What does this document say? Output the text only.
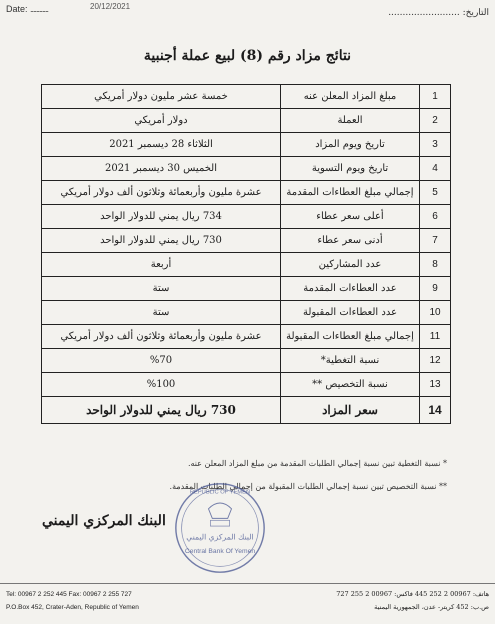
20/12/2021
Date: ............	التاريخ: .........................
نتائج مزاد رقم (8) لبيع عملة أجنبية
1	مبلغ المزاد المعلن عنه	خمسة عشر مليون دولار أمريكي
2	العملة	دولار أمريكي
3	تاريخ ويوم المزاد	الثلاثاء 28 ديسمبر 2021
4	تاريخ ويوم التسوية	الخميس 30 ديسمبر 2021
5	إجمالي مبلغ العطاءات المقدمة	عشرة مليون وأربعمائة وثلاثون ألف دولار أمريكي
6	أعلى سعر عطاء	734 ريال يمني للدولار الواحد
7	أدنى سعر عطاء	730 ريال يمني للدولار الواحد
8	عدد المشاركين	أربعة
9	عدد العطاءات المقدمة	ستة
10	عدد العطاءات المقبولة	ستة
11	إجمالي مبلغ العطاءات المقبولة	عشرة مليون وأربعمائة وثلاثون ألف دولار أمريكي
12	نسبة التغطية*	%70
13	نسبة التخصيص **	%100
14	سعر المزاد	730 ريال يمني للدولار الواحد
* نسبة التغطية تبين نسبة إجمالي الطلبات المقدمة من مبلغ المزاد المعلن عنه.
** نسبة التخصيص تبين نسبة إجمالي الطلبات المقبولة من إجمالي الطلبات المقدمة.
البنك المركزي اليمني
REPUBLIC OF YEMEN
البنك المركزي اليمني
Central Bank Of Yemen
Tel: 00967 2 252 445 Fax: 00967 2 255 727
P.O.Box 452, Crater-Aden, Republic of Yemen
هاتف: 00967 2 252 445 فاكس: 00967 2 255 727
ص.ب: 452 كريتر- عدن، الجمهورية اليمنية
